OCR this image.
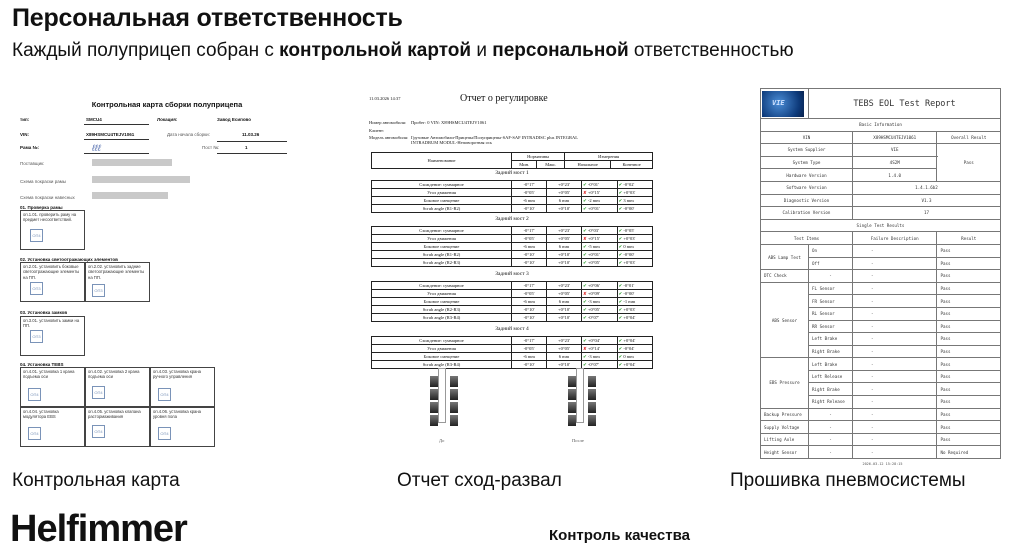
Персональная ответственность
Каждый полуприцеп собран с контрольной картой и персональной ответственностью
Контрольная карта сборки полуприцепа
тип:	SMCU4	Локация:	Завод Есипово
VIN:	X89HSMCU4TEJV1061	Дата начала сборки:	11.03.26
Рама №:	ℓℓℓ	Пост №:	1
Поставщик:
Схема покраски рамы
Схема покраски навесных
01. Проверка рамы
оп.1.01. проверить раму на предмет несоответствий.
ОП4
02. Установка светоотражающих элементов
оп.2.01. установить боковые светоотражающие элементы на ПП.
ОП3
оп.2.02. установить задние светоотражающие элементы на ПП.
ОП3
03. Установка замков
оп.3.01. установить замки на ПП.
ОП3
04. Установка TEBS
оп.4.01. установка 1 крана подъема оси
ОП4
оп.4.02. установка 2 крана подъема оси
ОП4
оп.4.03. установка крана ручного управления
ОП4
оп.4.04. установка модулятора EBS
ОП4
оп.4.05. установка клапана растормаживания
ОП4
оп.4.06. установка крана уровня пола
ОП4
11.03.2026 14:37	Отчет о регулировке
Номер автомобиля: Пробег: 0 VIN: X89HSMCU4TEJV1061
Клиент:
Модель автомобиля: Грузовые Автомобили-Прицепы/Полуприцепы-SAF-SAF INTRADISC plus INTEGRAL INTRADRUM MODUL-Неповоротная ось
Наименование	Нормативы		Измерения	
	Мин.	Макс.	Начальное	Конечное
Задний мост 1
Схождение: суммарное	-0°17'	+0°23'	✔ -0°01'	✔ -0°02'
Угол движения	-0°05'	+0°05'	✘ +0°15'	✔ +0°03'
Боковое смещение	-6 mm	6 mm	✔ -2 mm	✔ 3 mm
Scrub angle (R1-R2)	-0°10'	+0°10'	✔ +0°01'	✔ -0°00'
Задний мост 2
Схождение: суммарное	-0°17'	+0°23'	✔ -0°03'	✔ -0°05'
Угол движения	-0°05'	+0°05'	✘ +0°15'	✔ +0°03'
Боковое смещение	-6 mm	6 mm	✔ -5 mm	✔ 0 mm
Scrub angle (R1-R2)	-0°10'	+0°10'	✔ +0°01'	✔ -0°00'
Scrub angle (R2-R3)	-0°10'	+0°10'	✔ +0°05'	✔ +0°03'
Задний мост 3
Схождение: суммарное	-0°17'	+0°23'	✔ +0°06'	✔ -0°01'
Угол движения	-0°05'	+0°05'	✘ +0°09'	✔ -0°00'
Боковое смещение	-6 mm	6 mm	✔ -3 mm	✔ -1 mm
Scrub angle (R2-R3)	-0°10'	+0°10'	✔ +0°05'	✔ +0°03'
Scrub angle (R3-R4)	-0°10'	+0°10'	✔ -0°07'	✔ +0°04'
Задний мост 4
Схождение: суммарное	-0°17'	+0°23'	✔ +0°04'	✔ +0°04'
Угол движения	-0°05'	+0°05'	✘ +0°14'	✔ -0°04'
Боковое смещение	-6 mm	6 mm	✔ -3 mm	✔ 0 mm
Scrub angle (R3-R4)	-0°10'	+0°10'	✔ -0°07'	✔ +0°04'
До	После
VIE	TEBS EOL Test Report		
Basic Information			
VIN		X89HSMCU4TEJV1061	Overall Result
System Supplier		VIE	Pass
System Type		4S2M	
Hardware Version		1.4.0	
Software Version		1.4.1.6b2	
Diagnostic Version		V1.3	
Calibration Version		17	
Single Test Results			
Test Items		Failure Description	Result
ABS Lamp Test	On	-	Pass
	Off	-	Pass
DTC Check	-	-	Pass
ABS Sensor	FL Sensor	-	Pass
	FR Sensor	-	Pass
	RL Sensor	-	Pass
	RR Sensor	-	Pass
	Left Brake	-	Pass
	Right Brake	-	Pass
EBS Pressure	Left Brake	-	Pass
	Left Release	-	Pass
	Right Brake	-	Pass
	Right Release	-	Pass
Backup Pressure	-	-	Pass
Supply Voltage	-	-	Pass
Lifting Axle	-	-	Pass
Height Sensor	-	-	No Required
2026-03-12 15:28:15
Контрольная карта	Отчет сход-развал	Прошивка пневмосистемы
Helfimmer	Контроль качества
